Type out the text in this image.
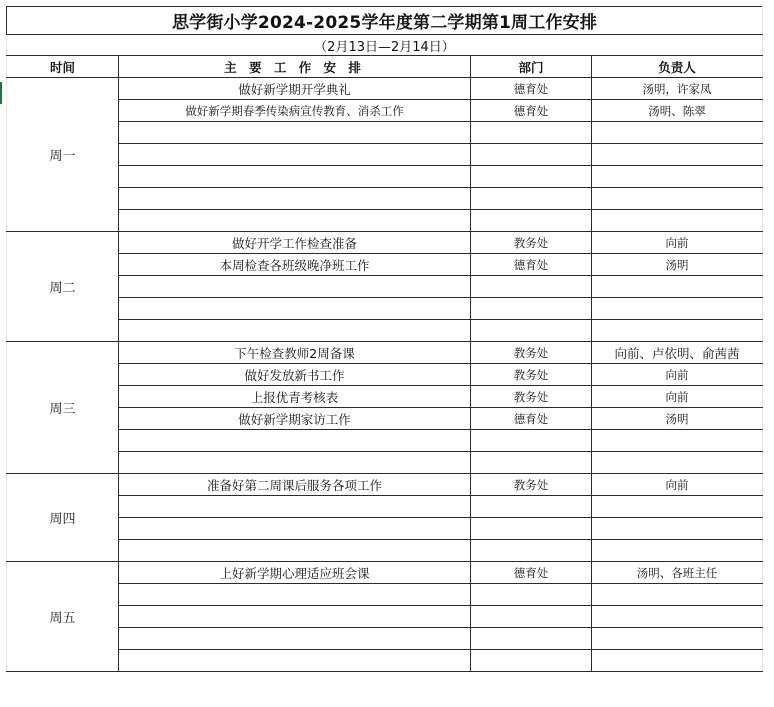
思学街小学2024-2025学年度第二学期第1周工作安排			
（2月13日—2月14日）			
时间	主 要 工 作 安 排	部门	负责人
周一	做好新学期开学典礼	德育处	汤明，许家凤
	做好新学期春季传染病宣传教育、消杀工作	德育处	汤明、陈翠

周二	做好开学工作检查准备	教务处	向前
	本周检查各班级晚净班工作	德育处	汤明

周三	下午检查教师2周备课	教务处	向前、卢依明、俞茜茜
	做好发放新书工作	教务处	向前
	上报优青考核表	教务处	向前
	做好新学期家访工作	德育处	汤明

周四	准备好第二周课后服务各项工作	教务处	向前

周五	上好新学期心理适应班会课	德育处	汤明、各班主任
